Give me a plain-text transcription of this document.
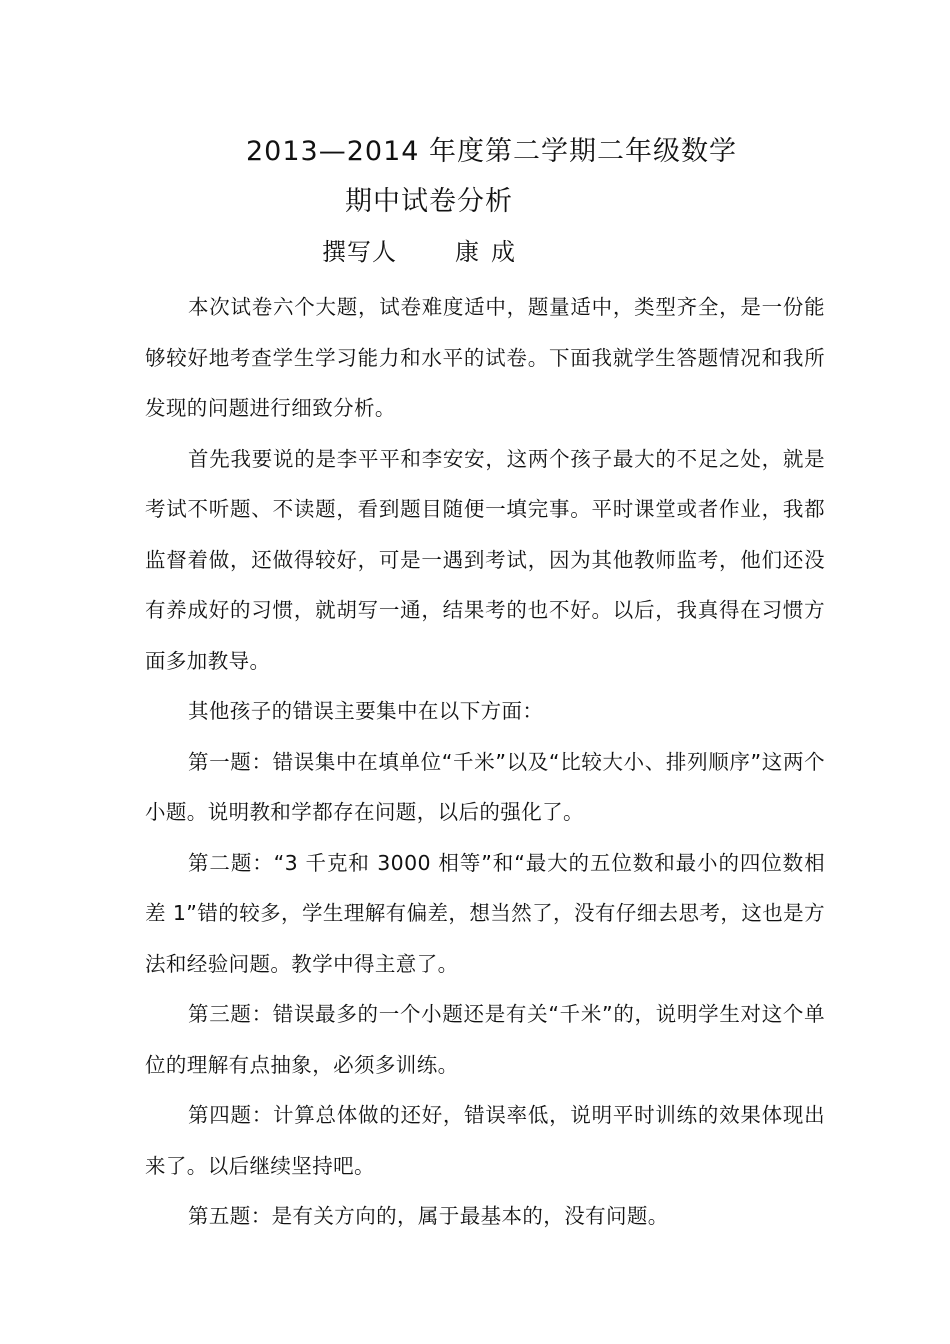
2013—2014 年度第二学期二年级数学
期中试卷分析
撰写人 康成

本次试卷六个大题，试卷难度适中，题量适中，类型齐全，是一份能够较好地考查学生学习能力和水平的试卷。下面我就学生答题情况和我所发现的问题进行细致分析。

首先我要说的是李平平和李安安，这两个孩子最大的不足之处，就是考试不听题、不读题，看到题目随便一填完事。平时课堂或者作业，我都监督着做，还做得较好，可是一遇到考试，因为其他教师监考，他们还没有养成好的习惯，就胡写一通，结果考的也不好。以后，我真得在习惯方面多加教导。

其他孩子的错误主要集中在以下方面：

第一题：错误集中在填单位“千米”以及“比较大小、排列顺序”这两个小题。说明教和学都存在问题，以后的强化了。

第二题：“3 千克和 3000 相等”和“最大的五位数和最小的四位数相差 1”错的较多，学生理解有偏差，想当然了，没有仔细去思考，这也是方法和经验问题。教学中得主意了。

第三题：错误最多的一个小题还是有关“千米”的，说明学生对这个单位的理解有点抽象，必须多训练。

第四题：计算总体做的还好，错误率低，说明平时训练的效果体现出来了。以后继续坚持吧。

第五题：是有关方向的，属于最基本的，没有问题。
